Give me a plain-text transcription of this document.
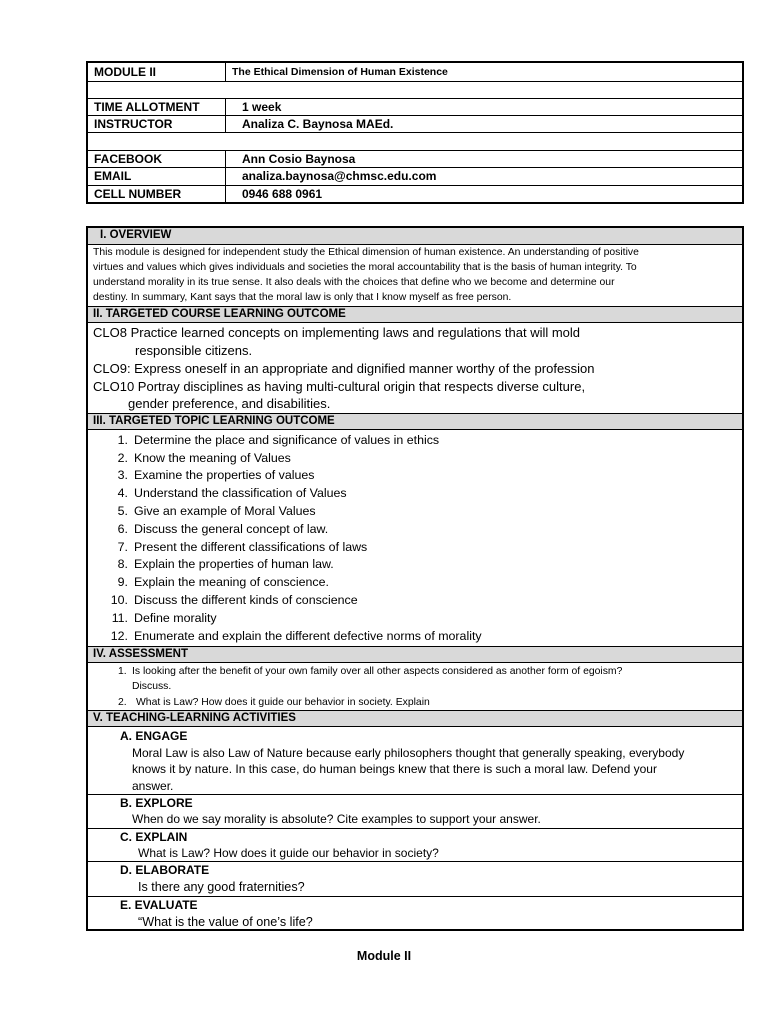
MODULE II	The Ethical Dimension of Human Existence
TIME ALLOTMENT	1 week
INSTRUCTOR	Analiza C. Baynosa MAEd.
FACEBOOK	Ann Cosio Baynosa
EMAIL	analiza.baynosa@chmsc.edu.com
CELL NUMBER	0946 688 0961
I. OVERVIEW
This module is designed for independent study the Ethical dimension of human existence. An understanding of positive
virtues and values which gives individuals and societies the moral accountability that is the basis of human integrity. To
understand morality in its true sense. It also deals with the choices that define who we become and determine our
destiny. In summary, Kant says that the moral law is only that I know myself as free person.
II. TARGETED COURSE LEARNING OUTCOME
CLO8 Practice learned concepts on implementing laws and regulations that will mold
responsible citizens.
CLO9: Express oneself in an appropriate and dignified manner worthy of the profession
CLO10 Portray disciplines as having multi-cultural origin that respects diverse culture,
gender preference, and disabilities.
III. TARGETED TOPIC LEARNING OUTCOME
1. Determine the place and significance of values in ethics
2. Know the meaning of Values
3. Examine the properties of values
4. Understand the classification of Values
5. Give an example of Moral Values
6. Discuss the general concept of law.
7. Present the different classifications of laws
8. Explain the properties of human law.
9. Explain the meaning of conscience.
10. Discuss the different kinds of conscience
11. Define morality
12. Enumerate and explain the different defective norms of morality
IV. ASSESSMENT
1. Is looking after the benefit of your own family over all other aspects considered as another form of egoism?
Discuss.
2. What is Law? How does it guide our behavior in society. Explain
V. TEACHING-LEARNING ACTIVITIES
A. ENGAGE
Moral Law is also Law of Nature because early philosophers thought that generally speaking, everybody
knows it by nature. In this case, do human beings knew that there is such a moral law. Defend your
answer.
B. EXPLORE
When do we say morality is absolute? Cite examples to support your answer.
C. EXPLAIN
What is Law? How does it guide our behavior in society?
D. ELABORATE
Is there any good fraternities?
E. EVALUATE
“What is the value of one’s life?
Module II
